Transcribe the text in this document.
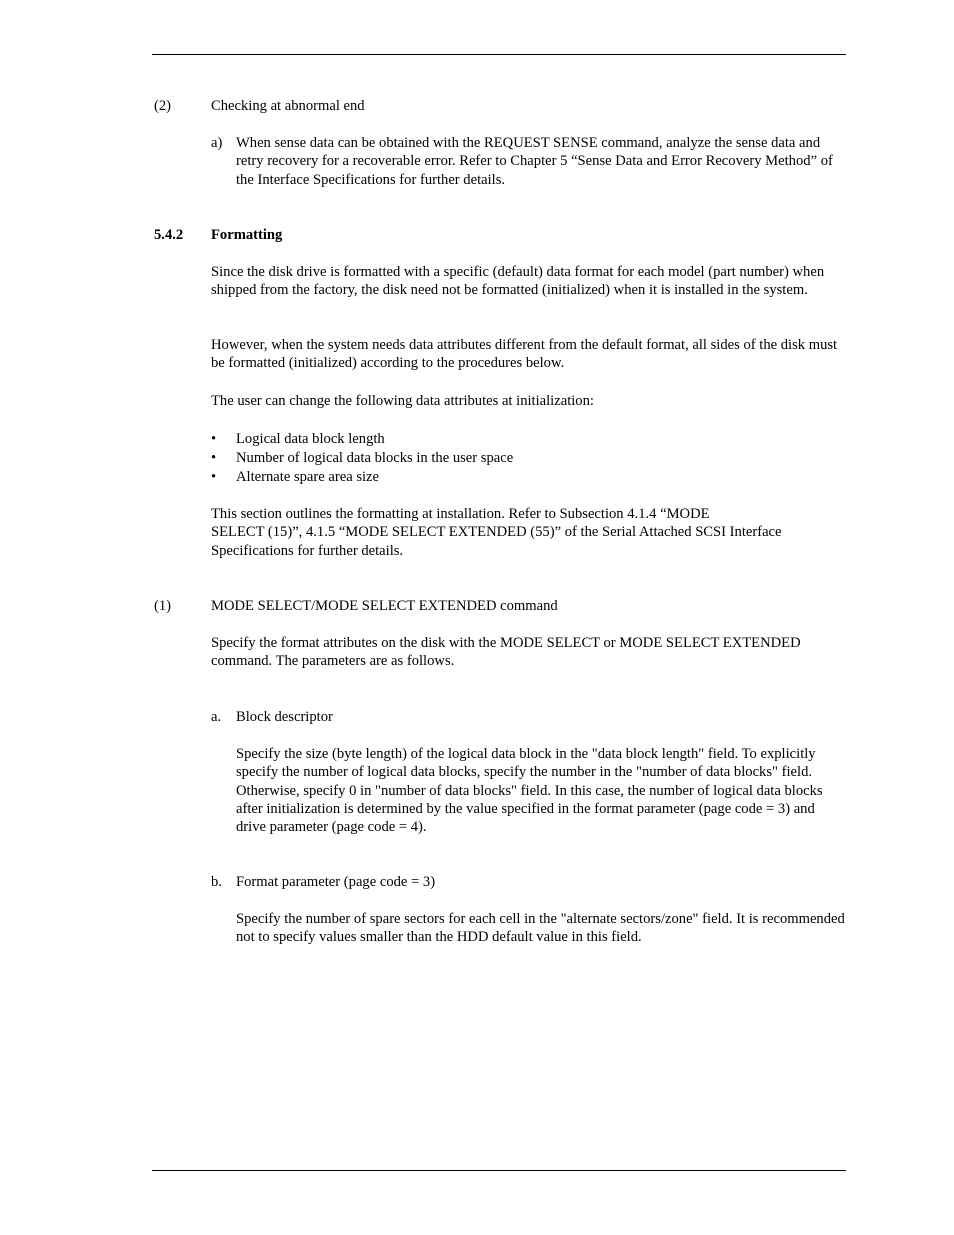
(2)	Checking at abnormal end
a) When sense data can be obtained with the REQUEST SENSE command, analyze the sense data and retry recovery for a recoverable error. Refer to Chapter 5 “Sense Data and Error Recovery Method” of the Interface Specifications for further details.

5.4.2 Formatting

Since the disk drive is formatted with a specific (default) data format for each model (part number) when shipped from the factory, the disk need not be formatted (initialized) when it is installed in the system.

However, when the system needs data attributes different from the default format, all sides of the disk must be formatted (initialized) according to the procedures below.

The user can change the following data attributes at initialization:

• Logical data block length
• Number of logical data blocks in the user space
• Alternate spare area size
This section outlines the formatting at installation. Refer to Subsection 4.1.4 “MODE
SELECT (15)”, 4.1.5 “MODE SELECT EXTENDED (55)” of the Serial Attached SCSI Interface Specifications for further details.
(1)	MODE SELECT/MODE SELECT EXTENDED command

Specify the format attributes on the disk with the MODE SELECT or MODE SELECT EXTENDED command. The parameters are as follows.

a. Block descriptor

Specify the size (byte length) of the logical data block in the "data block length" field. To explicitly specify the number of logical data blocks, specify the number in the "number of data blocks" field. Otherwise, specify 0 in "number of data blocks" field. In this case, the number of logical data blocks after initialization is determined by the value specified in the format parameter (page code = 3) and drive parameter (page code = 4).

b. Format parameter (page code = 3)

Specify the number of spare sectors for each cell in the "alternate sectors/zone" field. It is recommended not to specify values smaller than the HDD default value in this field.
